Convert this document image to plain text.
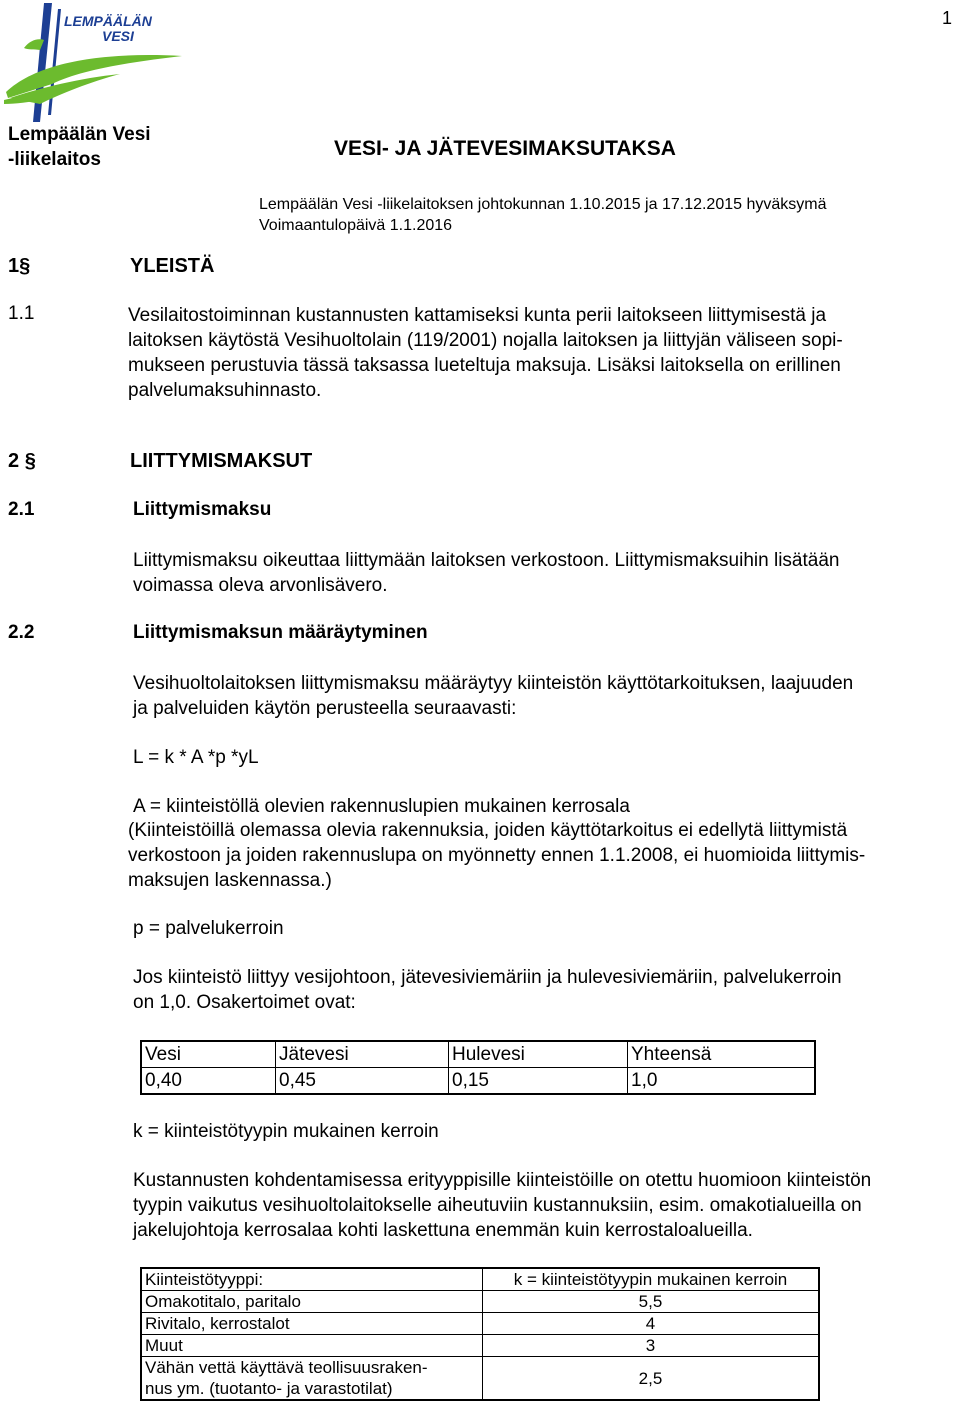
LEMPÄÄLÄN
VESI
1
Lempäälän Vesi
-liikelaitos	VESI- JA JÄTEVESIMAKSUTAKSA
Lempäälän Vesi -liikelaitoksen johtokunnan 1.10.2015 ja 17.12.2015 hyväksymä
Voimaantulopäivä 1.1.2016
1§	YLEISTÄ
1.1	Vesilaitostoiminnan kustannusten kattamiseksi kunta perii laitokseen liittymisestä ja
laitoksen käytöstä Vesihuoltolain (119/2001) nojalla laitoksen ja liittyjän väliseen sopi-
mukseen perustuvia tässä taksassa lueteltuja maksuja. Lisäksi laitoksella on erillinen
palvelumaksuhinnasto.
2 §	LIITTYMISMAKSUT
2.1	Liittymismaksu
Liittymismaksu oikeuttaa liittymään laitoksen verkostoon. Liittymismaksuihin lisätään
voimassa oleva arvonlisävero.
2.2	Liittymismaksun määräytyminen
Vesihuoltolaitoksen liittymismaksu määräytyy kiinteistön käyttötarkoituksen, laajuuden
ja palveluiden käytön perusteella seuraavasti:
L = k * A *p *yL
A = kiinteistöllä olevien rakennuslupien mukainen kerrosala
(Kiinteistöillä olemassa olevia rakennuksia, joiden käyttötarkoitus ei edellytä liittymistä
verkostoon ja joiden rakennuslupa on myönnetty ennen 1.1.2008, ei huomioida liittymis-
maksujen laskennassa.)
p = palvelukerroin
Jos kiinteistö liittyy vesijohtoon, jätevesiviemäriin ja hulevesiviemäriin, palvelukerroin
on 1,0. Osakertoimet ovat:
Vesi	Jätevesi	Hulevesi	Yhteensä
0,40	0,45	0,15	1,0
k = kiinteistötyypin mukainen kerroin
Kustannusten kohdentamisessa erityyppisille kiinteistöille on otettu huomioon kiinteistön
tyypin vaikutus vesihuoltolaitokselle aiheutuviin kustannuksiin, esim. omakotialueilla on
jakelujohtoja kerrosalaa kohti laskettuna enemmän kuin kerrostaloalueilla.
Kiinteistötyyppi:	k = kiinteistötyypin mukainen kerroin
Omakotitalo, paritalo	5,5
Rivitalo, kerrostalot	4
Muut	3

Vähän vettä käyttävä teollisuusraken-
nus ym. (tuotanto- ja varastotilat)	2,5
